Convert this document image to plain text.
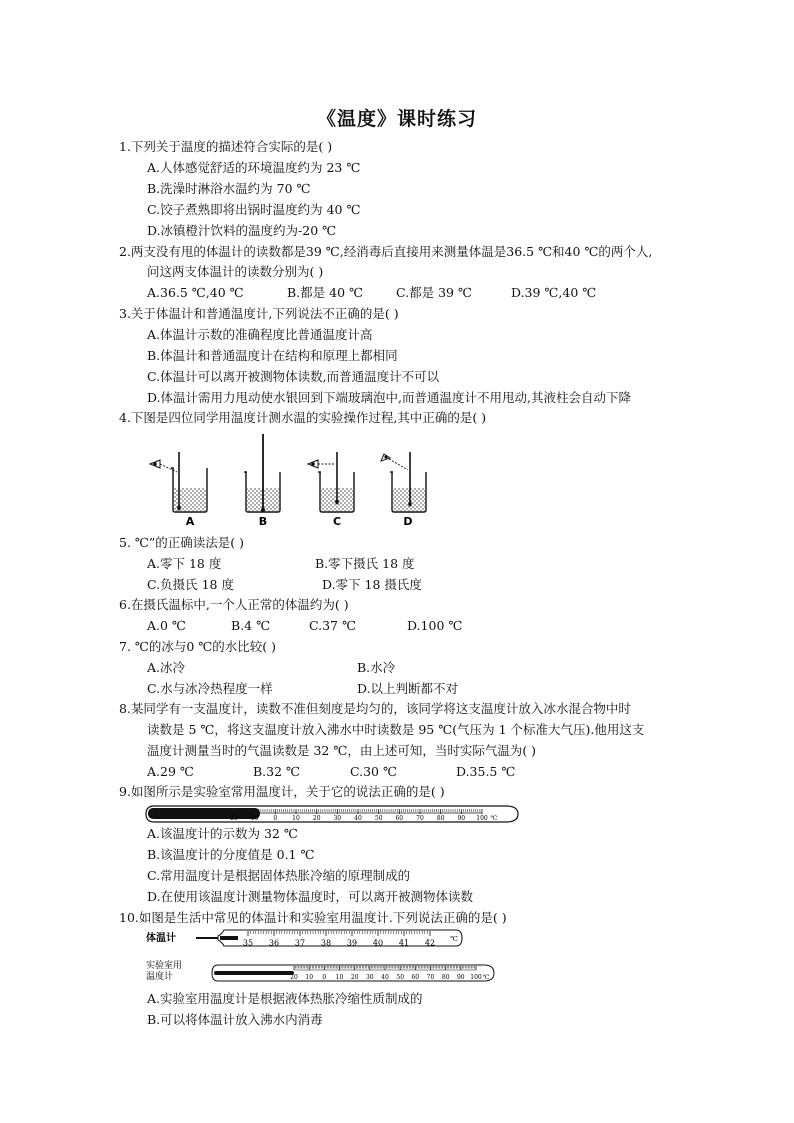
《温度》课时练习
1.下列关于温度的描述符合实际的是( )
A.人体感觉舒适的环境温度约为 23 ℃
B.洗澡时淋浴水温约为 70 ℃
C.饺子煮熟即将出锅时温度约为 40 ℃
D.冰镇橙汁饮料的温度约为-20 ℃
2.两支没有甩的体温计的读数都是39 ℃,经消毒后直接用来测量体温是36.5 ℃和40 ℃的两个人,
问这两支体温计的读数分别为( )
A.36.5 ℃,40 ℃	B.都是 40 ℃	C.都是 39 ℃	D.39 ℃,40 ℃
3.关于体温计和普通温度计,下列说法不正确的是( )
A.体温计示数的准确程度比普通温度计高
B.体温计和普通温度计在结构和原理上都相同
C.体温计可以离开被测物体读数,而普通温度计不可以
D.体温计需用力甩动使水银回到下端玻璃泡中,而普通温度计不用甩动,其液柱会自动下降
4.下图是四位同学用温度计测水温的实验操作过程,其中正确的是( )
A	B	C	D
5. ℃”的正确读法是( )
A.零下 18 度	B.零下摄氏 18 度
C.负摄氏 18 度	D.零下 18 摄氏度
6.在摄氏温标中,一个人正常的体温约为( )
A.0 ℃	B.4 ℃	C.37 ℃	D.100 ℃
7. ℃的冰与0 ℃的水比较( )
A.冰冷	B.水冷
C.水与冰冷热程度一样	D.以上判断都不对
8.某同学有一支温度计，读数不准但刻度是均匀的，该同学将这支温度计放入冰水混合物中时
读数是 5 ℃，将这支温度计放入沸水中时读数是 95 ℃(气压为 1 个标准大气压).他用这支
温度计测量当时的气温读数是 32 ℃，由上述可知，当时实际气温为( )
A.29 ℃	B.32 ℃	C.30 ℃	D.35.5 ℃
9.如图所示是实验室常用温度计，关于它的说法正确的是( )
20 10 0 10 20 30 40 50 60 70 80 90 100 ℃
A.该温度计的示数为 32 ℃
B.该温度计的分度值是 0.1 ℃
C.常用温度计是根据固体热胀冷缩的原理制成的
D.在使用该温度计测量物体温度时，可以离开被测物体读数
10.如图是生活中常见的体温计和实验室用温度计.下列说法正确的是( )
体温计	35 36 37 38 39 40 41 42 ℃
实验室用
温度计	20 10 0 10 20 30 40 50 60 70 80 90 100 ℃
A.实验室用温度计是根据液体热胀冷缩性质制成的
B.可以将体温计放入沸水内消毒
